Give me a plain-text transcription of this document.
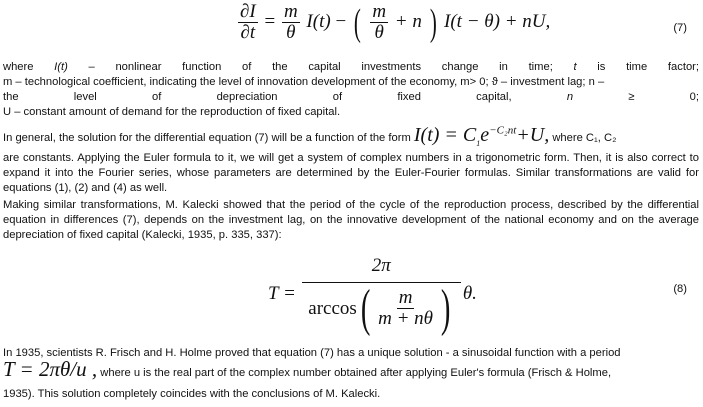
$\frac{\partial I}{\partial t} = \frac{m}{\theta} I(t)$ − ( $\frac{m}{\theta} + n$ ) I(t − θ) + nU,	(7)
where I(t) – nonlinear function of the capital investments change in time; t is time factor;

m – technological coefficient, indicating the level of innovation development of the economy, m> 0; ϑ – investment lag; n –

the	level	of	depreciation	of	fixed	capital,	n	≥	0;

U – constant amount of demand for the reproduction of fixed capital.

In general, the solution for the differential equation (7) will be a function of the form $I(t) = C_1e^{-C_2nt}+U$, where C₁, C₂

are constants. Applying the Euler formula to it, we will get a system of complex numbers in a trigonometric form. Then, it is also correct to expand it into the Fourier series, whose parameters are determined by the Euler-Fourier formulas. Similar transformations are valid for equations (1), (2) and (4) as well.

Making similar transformations, M. Kalecki showed that the period of the cycle of the reproduction process, described by the differential equation in differences (7), depends on the investment lag, on the innovative development of the national economy and on the average depreciation of fixed capital (Kalecki, 1935, p. 335, 337):

T =
2π
arccos ( $\frac{m}{m + n\theta}$ ) θ.	(8)

In 1935, scientists R. Frisch and H. Holme proved that equation (7) has a unique solution - a sinusoidal function with a period

T = 2πθ/u , where u is the real part of the complex number obtained after applying Euler's formula (Frisch & Holme,

1935). This solution completely coincides with the conclusions of M. Kalecki.
